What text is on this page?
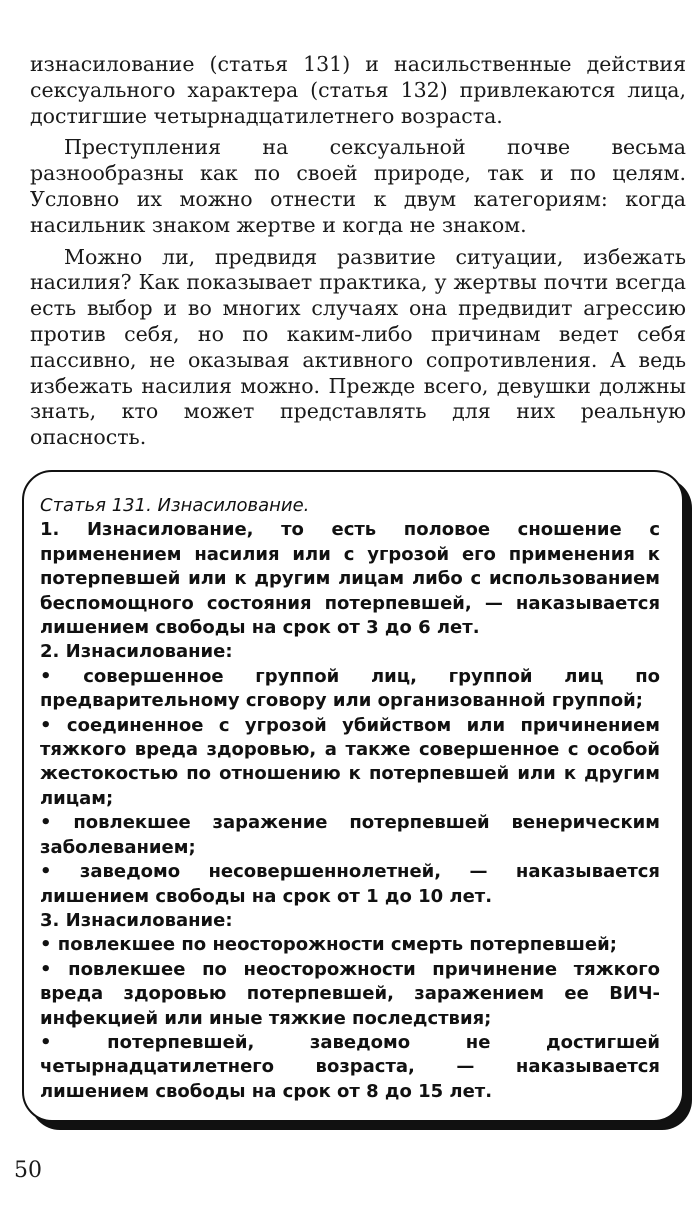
изнасилование (статья 131) и насильственные действия сексуального характера (статья 132) привлекаются лица, достигшие четырнадцатилетнего возраста.

Преступления на сексуальной почве весьма разнообразны как по своей природе, так и по целям. Условно их можно отнести к двум категориям: когда насильник знаком жертве и когда не знаком.

Можно ли, предвидя развитие ситуации, избежать насилия? Как показывает практика, у жертвы почти всегда есть выбор и во многих случаях она предвидит агрессию против себя, но по каким-либо причинам ведет себя пассивно, не оказывая активного сопротивления. А ведь избежать насилия можно. Прежде всего, девушки должны знать, кто может представлять для них реальную опасность.

Статья 131. Изнасилование.
1. Изнасилование, то есть половое сношение с применением насилия или с угрозой его применения к потерпевшей или к другим лицам либо с использованием беспомощного состояния потерпевшей, — наказывается лишением свободы на срок от 3 до 6 лет.
2. Изнасилование:
• совершенное группой лиц, группой лиц по предварительному сговору или организованной группой;
• соединенное с угрозой убийством или причинением тяжкого вреда здоровью, а также совершенное с особой жестокостью по отношению к потерпевшей или к другим лицам;
• повлекшее заражение потерпевшей венерическим заболеванием;
• заведомо несовершеннолетней, — наказывается лишением свободы на срок от 1 до 10 лет.
3. Изнасилование:
• повлекшее по неосторожности смерть потерпевшей;
• повлекшее по неосторожности причинение тяжкого вреда здоровью потерпевшей, заражением ее ВИЧ-инфекцией или иные тяжкие последствия;
• потерпевшей, заведомо не достигшей четырнадцатилетнего возраста, — наказывается лишением свободы на срок от 8 до 15 лет.
50
